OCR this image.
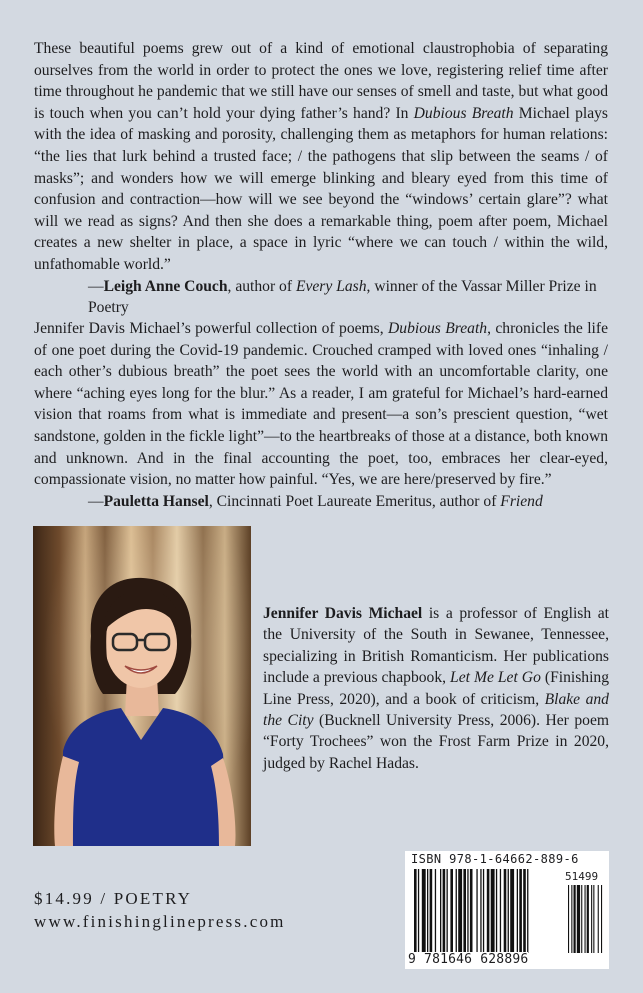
These beautiful poems grew out of a kind of emotional claustrophobia of separating ourselves from the world in order to protect the ones we love, registering relief time after time throughout he pandemic that we still have our senses of smell and taste, but what good is touch when you can’t hold your dying father’s hand? In Dubious Breath Michael plays with the idea of masking and porosity, challenging them as metaphors for human relations: “the lies that lurk behind a trusted face; / the pathogens that slip between the seams / of masks”; and wonders how we will emerge blinking and bleary eyed from this time of confusion and contraction—how will we see beyond the “windows’ certain glare”? what will we read as signs? And then she does a remarkable thing, poem after poem, Michael creates a new shelter in place, a space in lyric “where we can touch / within the wild, unfathomable world.”
—Leigh Anne Couch, author of Every Lash, winner of the Vassar Miller Prize in Poetry
Jennifer Davis Michael’s powerful collection of poems, Dubious Breath, chronicles the life of one poet during the Covid-19 pandemic. Crouched cramped with loved ones “inhaling / each other’s dubious breath” the poet sees the world with an uncomfortable clarity, one where “aching eyes long for the blur.” As a reader, I am grateful for Michael’s hard-earned vision that roams from what is immediate and present—a son’s prescient question, “wet sandstone, golden in the fickle light”—to the heartbreaks of those at a distance, both known and unknown. And in the final accounting the poet, too, embraces her clear-eyed, compassionate vision, no matter how painful. “Yes, we are here/preserved by fire.”
—Pauletta Hansel, Cincinnati Poet Laureate Emeritus, author of Friend
Jennifer Davis Michael is a professor of English at the University of the South in Sewanee, Tennessee, specializing in British Romanticism. Her publications include a previous chapbook, Let Me Let Go (Finishing Line Press, 2020), and a book of criticism, Blake and the City (Bucknell University Press, 2006). Her poem “Forty Trochees” won the Frost Farm Prize in 2020, judged by Rachel Hadas.
$14.99 / POETRY
www.finishinglinepress.com
ISBN 978-1-64662-889-6
51499
9 781646 628896
